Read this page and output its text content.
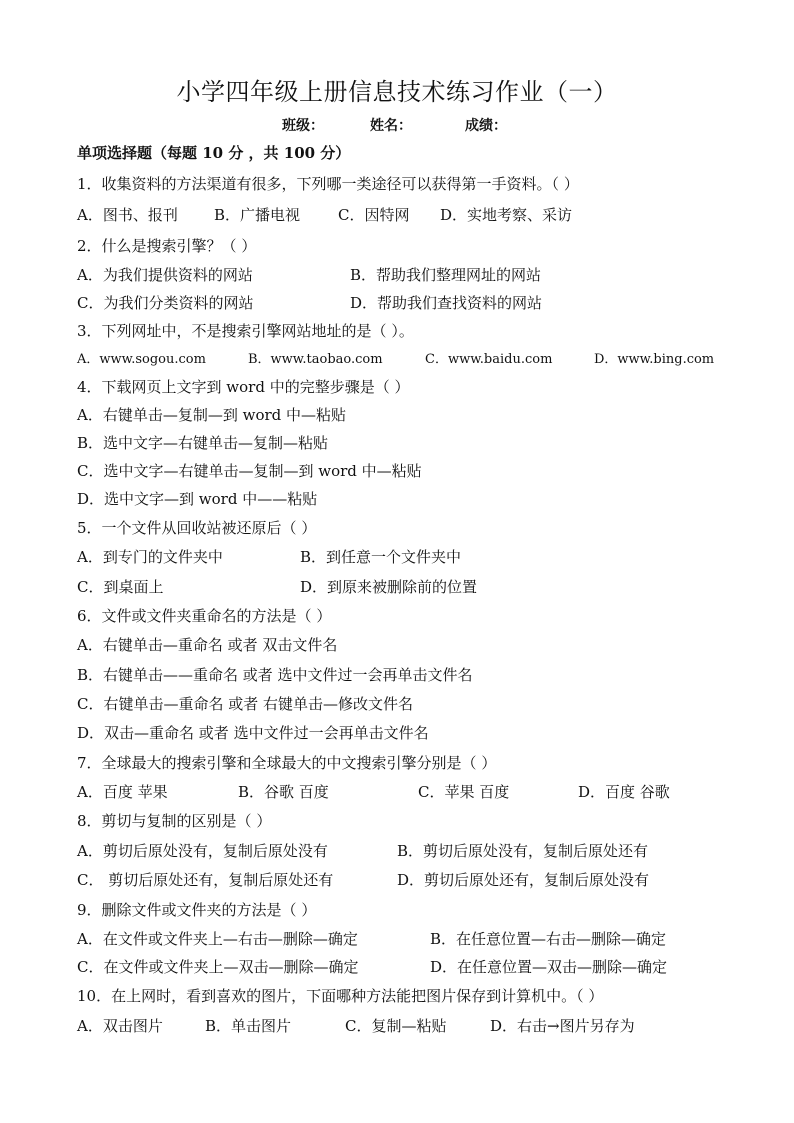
小学四年级上册信息技术练习作业（一）
班级：	姓名：	成绩：
单项选择题（每题 10 分 ，共 100 分）
1．收集资料的方法渠道有很多，下列哪一类途径可以获得第一手资料。（ ）
A．图书、报刊 B．广播电视	C．因特网 D．实地考察、采访
2．什么是搜索引擎？（ ）
A．为我们提供资料的网站	B．帮助我们整理网址的网站
C．为我们分类资料的网站	D．帮助我们查找资料的网站
3．下列网址中，不是搜索引擎网站地址的是（ ）。
A．www.sogou.com	B．www.taobao.com	C．www.baidu.com	D．www.bing.com
4．下载网页上文字到 word 中的完整步骤是（ ）
A．右键单击—复制—到 word 中—粘贴
B．选中文字—右键单击—复制—粘贴
C．选中文字—右键单击—复制—到 word 中—粘贴
D．选中文字—到 word 中——粘贴
5．一个文件从回收站被还原后（ ）
A．到专门的文件夹中	B．到任意一个文件夹中
C．到桌面上	D．到原来被删除前的位置
6．文件或文件夹重命名的方法是（ ）
A．右键单击—重命名 或者 双击文件名
B．右键单击——重命名 或者 选中文件过一会再单击文件名
C．右键单击—重命名 或者 右键单击—修改文件名
D．双击—重命名 或者 选中文件过一会再单击文件名
7．全球最大的搜索引擎和全球最大的中文搜索引擎分别是（ ）
A．百度 苹果	B．谷歌 百度	C．苹果 百度	D．百度 谷歌
8．剪切与复制的区别是（ ）
A．剪切后原处没有，复制后原处没有	B．剪切后原处没有，复制后原处还有
C． 剪切后原处还有，复制后原处还有	D．剪切后原处还有，复制后原处没有
9．删除文件或文件夹的方法是（ ）
A．在文件或文件夹上—右击—删除—确定	B．在任意位置—右击—删除—确定
C．在文件或文件夹上—双击—删除—确定	D．在任意位置—双击—删除—确定
10．在上网时，看到喜欢的图片，下面哪种方法能把图片保存到计算机中。（ ）
A．双击图片	B．单击图片	C．复制—粘贴	D．右击→图片另存为
